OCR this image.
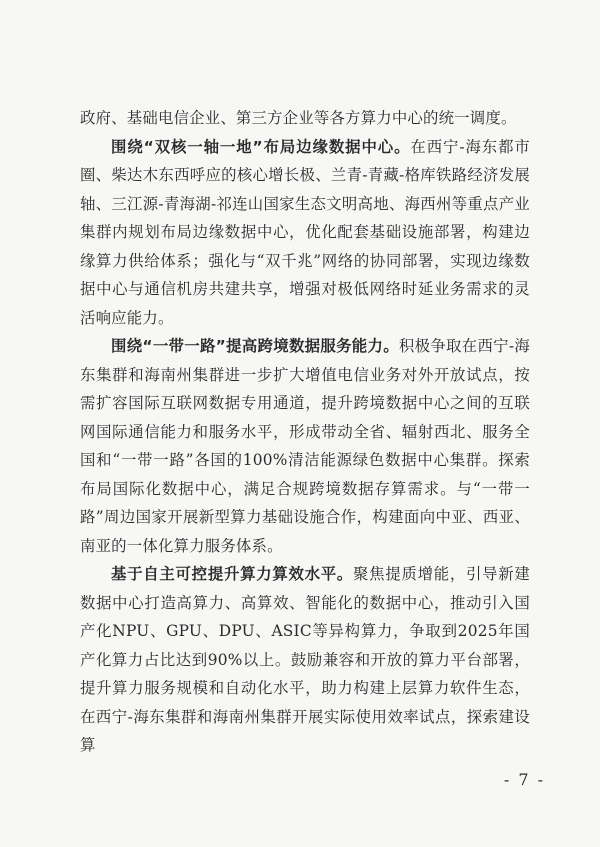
政府、基础电信企业、第三方企业等各方算力中心的统一调度。

围绕“双核一轴一地”布局边缘数据中心。在西宁-海东都市圈、柴达木东西呼应的核心增长极、兰青-青藏-格库铁路经济发展轴、三江源-青海湖-祁连山国家生态文明高地、海西州等重点产业集群内规划布局边缘数据中心，优化配套基础设施部署，构建边缘算力供给体系；强化与“双千兆”网络的协同部署，实现边缘数据中心与通信机房共建共享，增强对极低网络时延业务需求的灵活响应能力。

围绕“一带一路”提高跨境数据服务能力。积极争取在西宁-海东集群和海南州集群进一步扩大增值电信业务对外开放试点，按需扩容国际互联网数据专用通道，提升跨境数据中心之间的互联网国际通信能力和服务水平，形成带动全省、辐射西北、服务全国和“一带一路”各国的100%清洁能源绿色数据中心集群。探索布局国际化数据中心，满足合规跨境数据存算需求。与“一带一路”周边国家开展新型算力基础设施合作，构建面向中亚、西亚、南亚的一体化算力服务体系。

基于自主可控提升算力算效水平。聚焦提质增能，引导新建数据中心打造高算力、高算效、智能化的数据中心，推动引入国产化NPU、GPU、DPU、ASIC等异构算力，争取到2025年国产化算力占比达到90%以上。鼓励兼容和开放的算力平台部署，提升算力服务规模和自动化水平，助力构建上层算力软件生态，在西宁-海东集群和海南州集群开展实际使用效率试点，探索建设算

- 7 -
